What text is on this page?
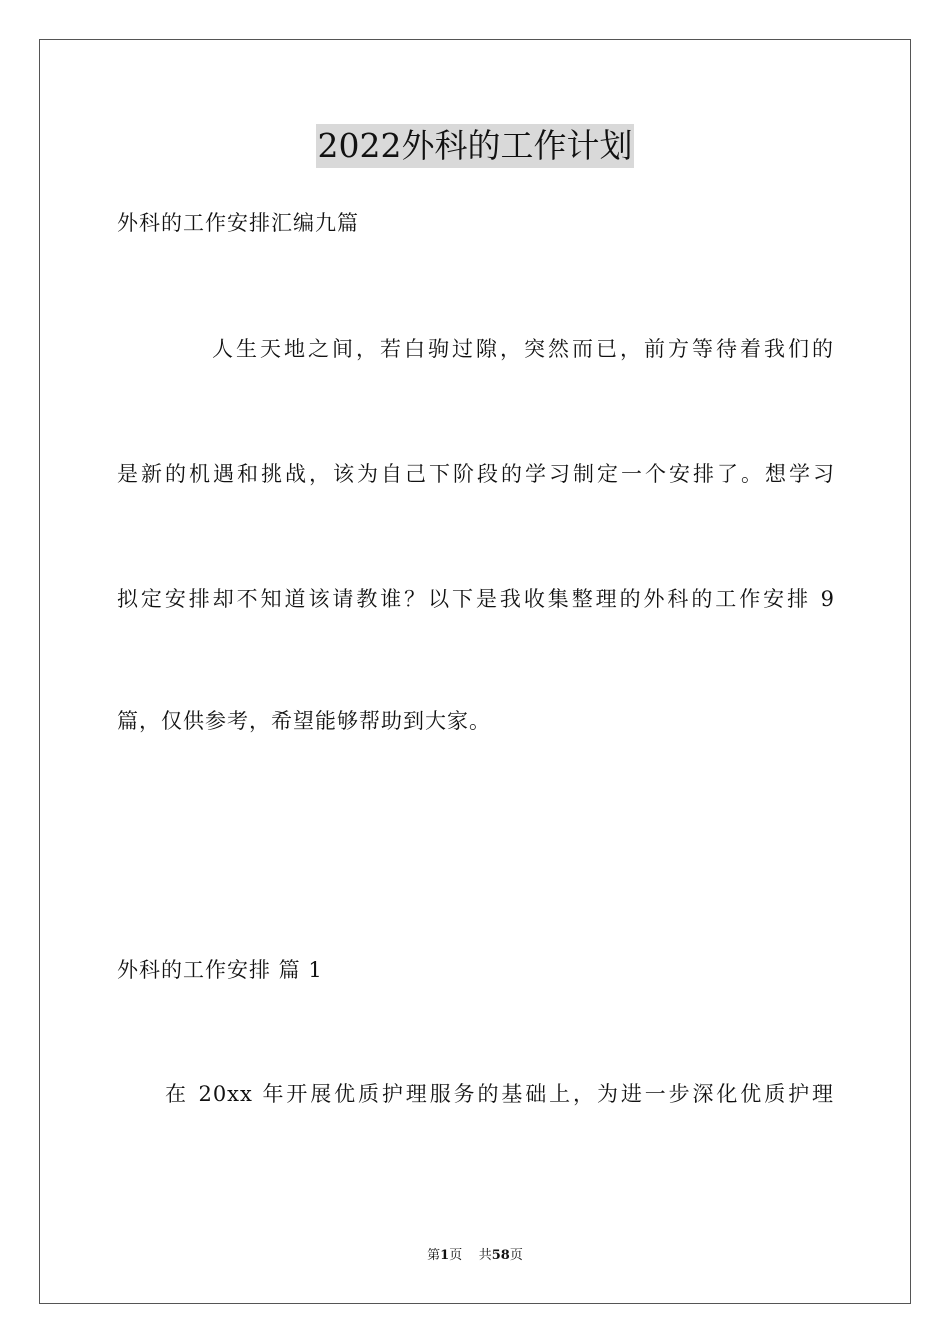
2022外科的工作计划
外科的工作安排汇编九篇
人生天地之间，若白驹过隙，突然而已，前方等待着我们的
是新的机遇和挑战，该为自己下阶段的学习制定一个安排了。想学习
拟定安排却不知道该请教谁？以下是我收集整理的外科的工作安排 9
篇，仅供参考，希望能够帮助到大家。
外科的工作安排 篇 1
在 20xx 年开展优质护理服务的基础上，为进一步深化优质护理
第1页 共58页
